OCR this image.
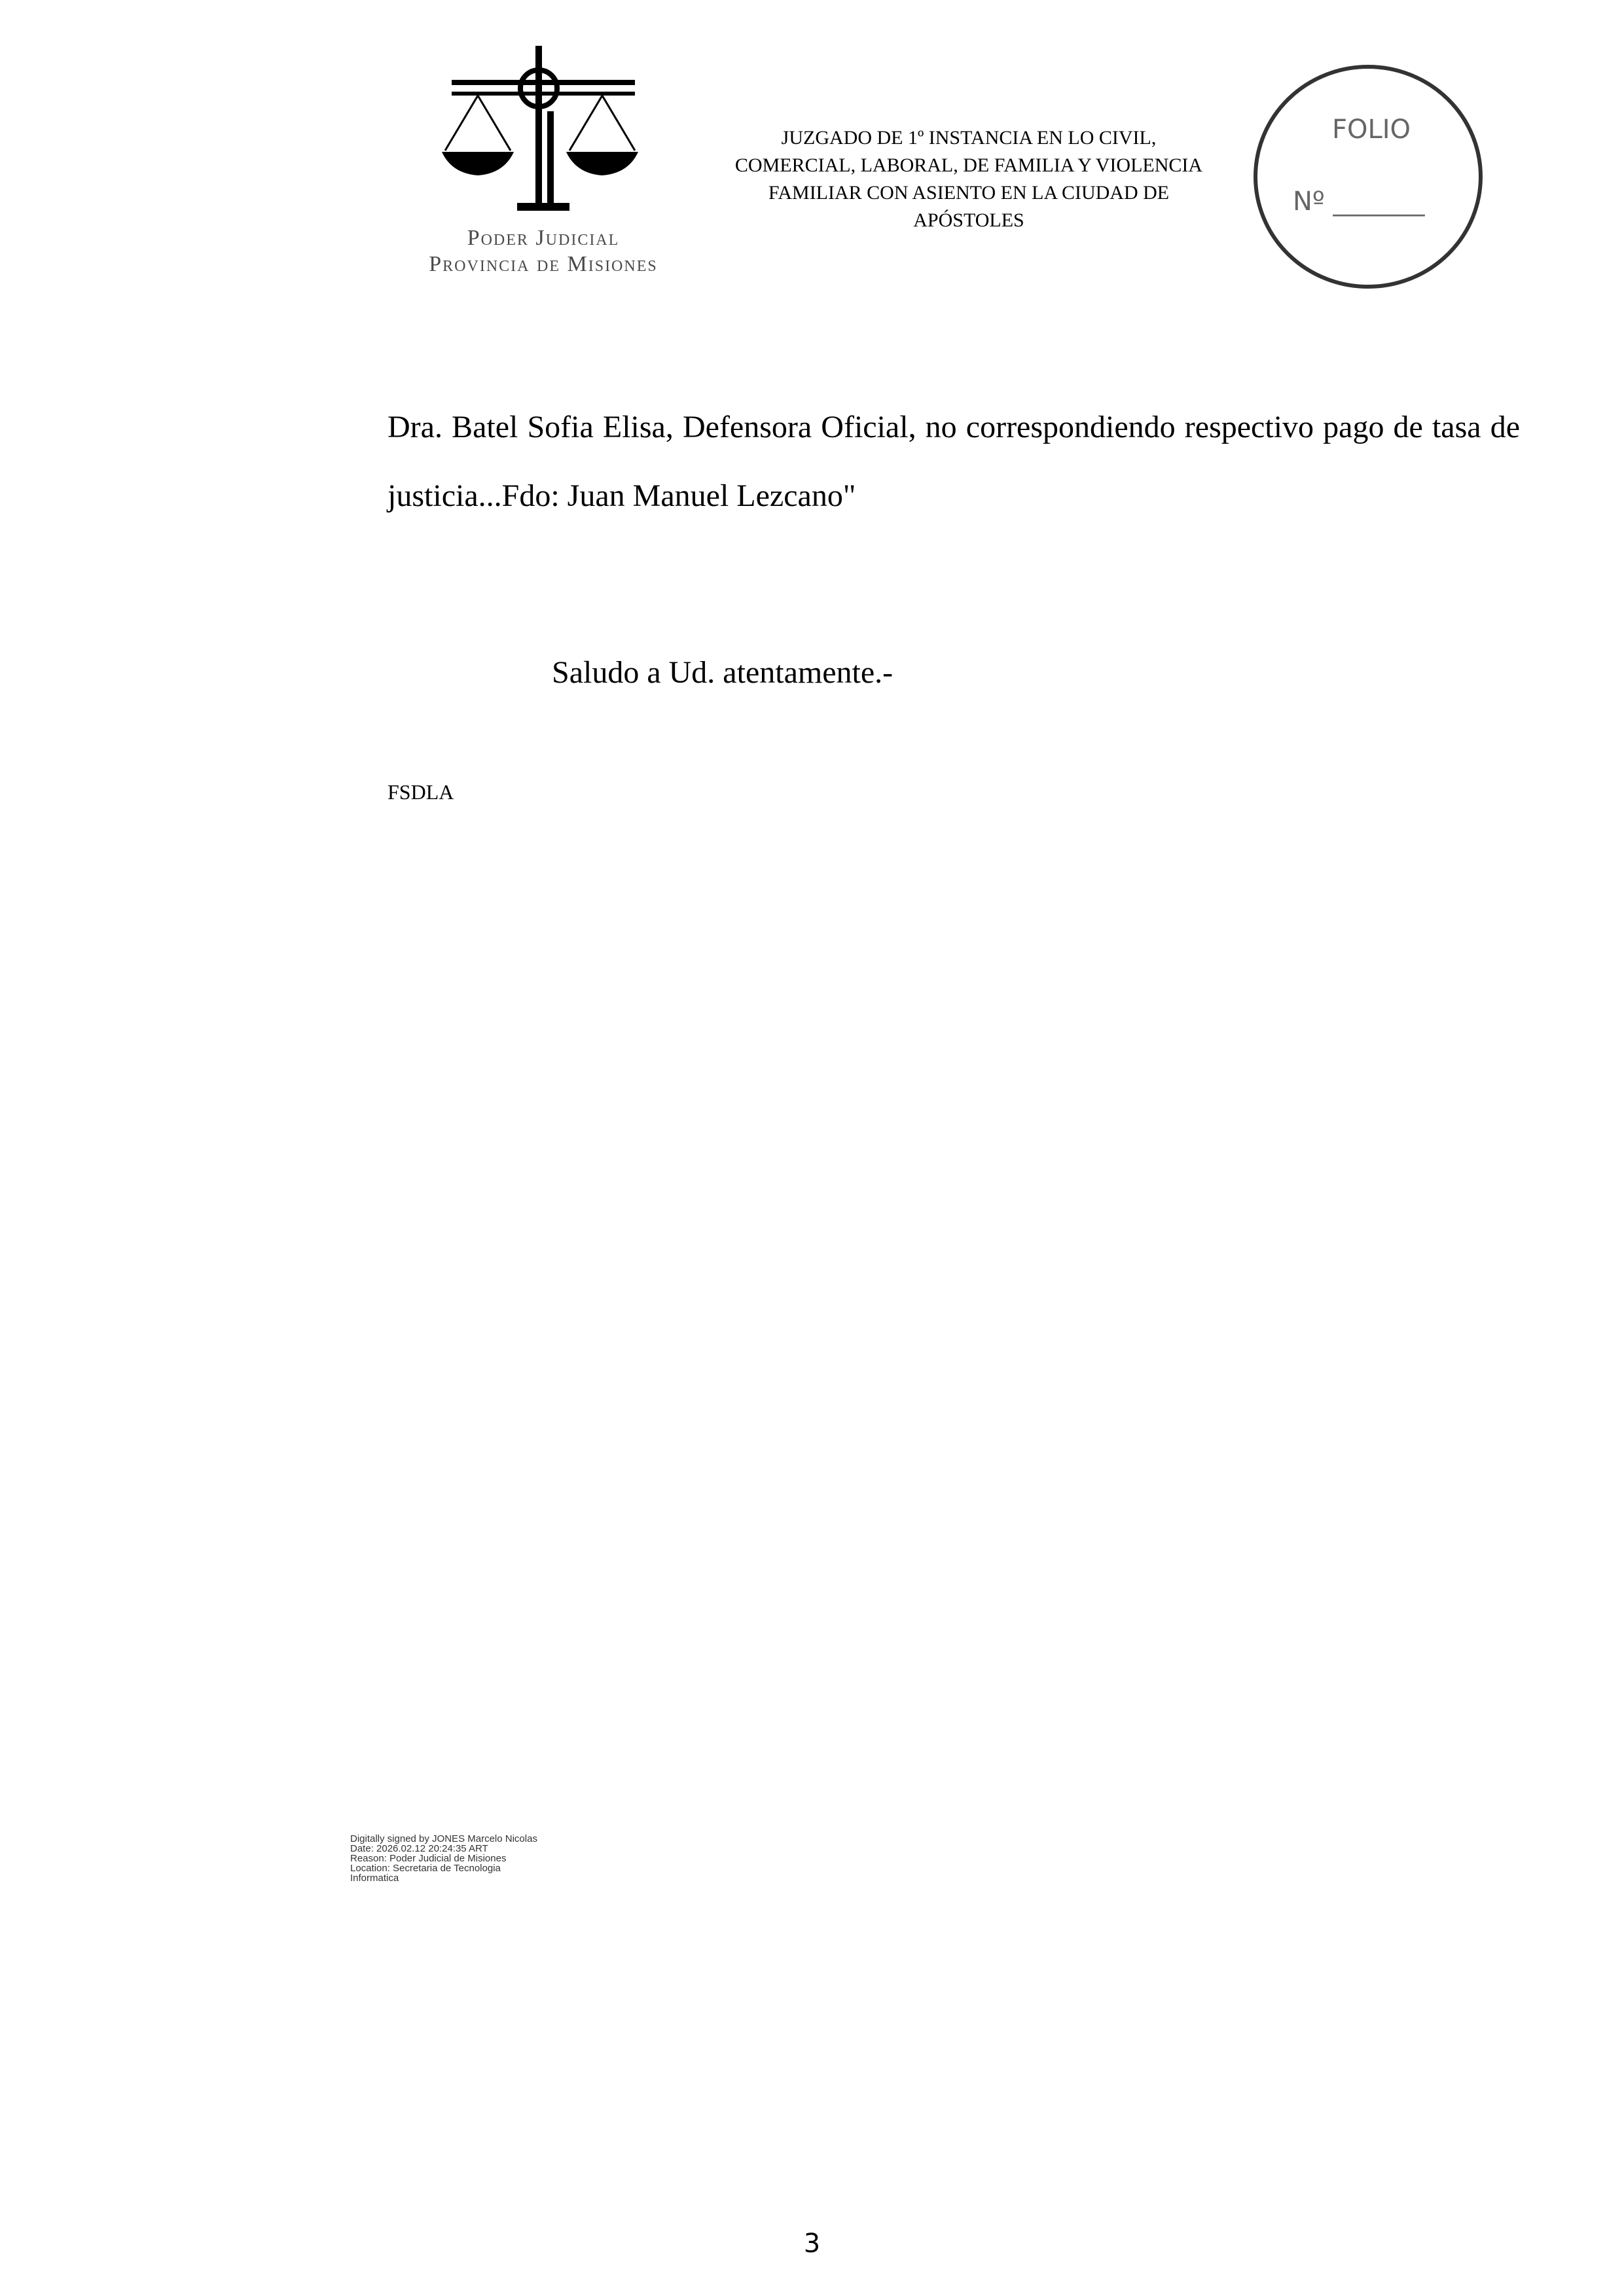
Poder Judicial
Provincia de Misiones
JUZGADO DE 1º INSTANCIA EN LO CIVIL,
COMERCIAL, LABORAL, DE FAMILIA Y VIOLENCIA
FAMILIAR CON ASIENTO EN LA CIUDAD DE
APÓSTOLES
FOLIO
Nº _______
Dra. Batel Sofia Elisa, Defensora Oficial, no correspondiendo respectivo pago de tasa de justicia...Fdo: Juan Manuel Lezcano"
Saludo a Ud. atentamente.-
FSDLA
Digitally signed by JONES Marcelo Nicolas
Date: 2026.02.12 20:24:35 ART
Reason: Poder Judicial de Misiones
Location: Secretaria de Tecnologia
Informatica
3
